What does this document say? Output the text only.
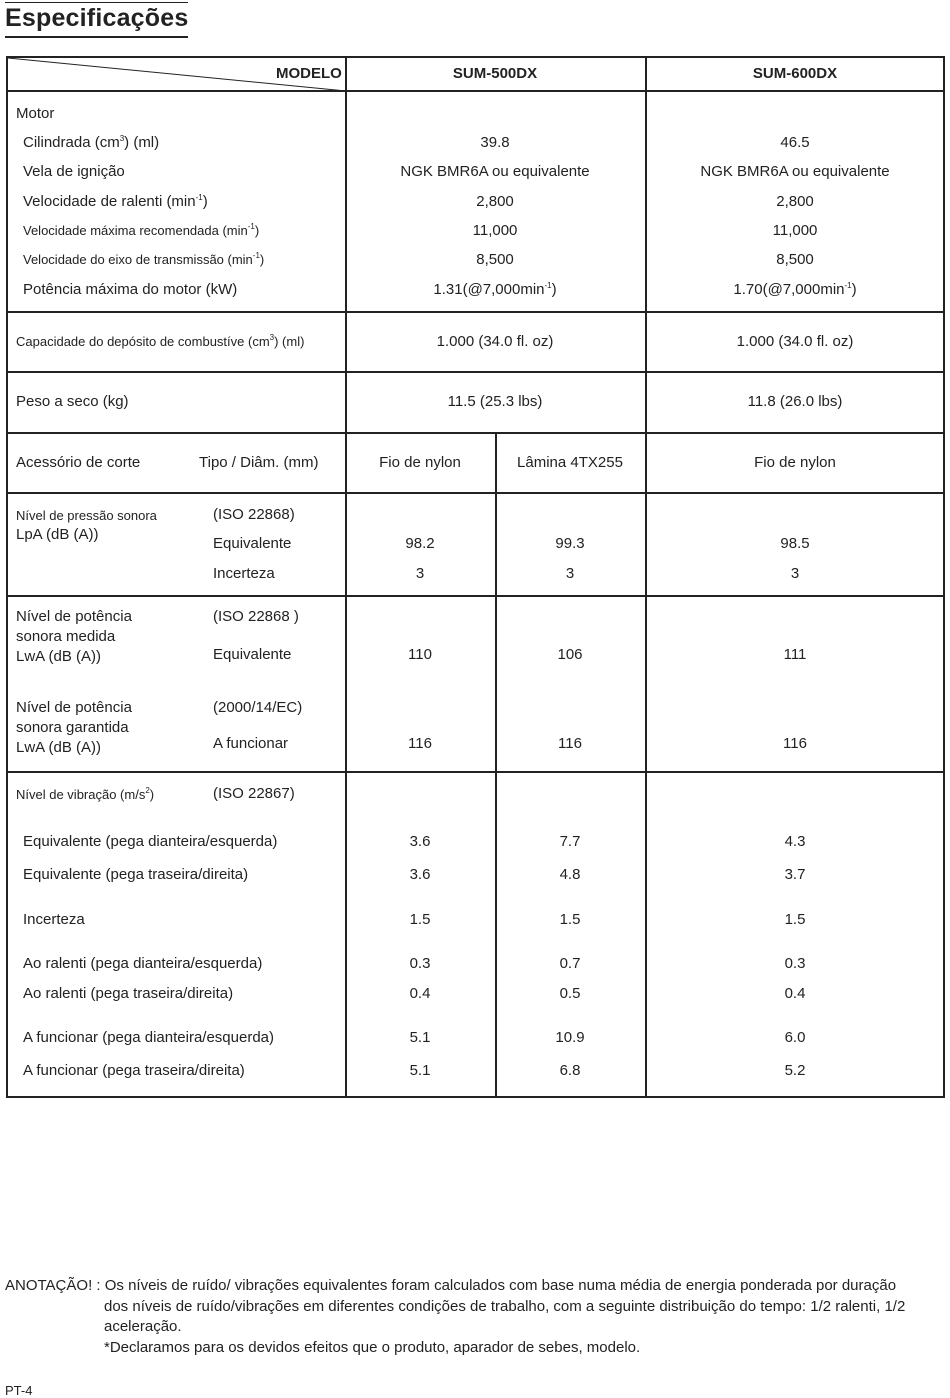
Especificações
MODELO	SUM-500DX	SUM-600DX
Motor
Cilindrada $(cm^3)$ (ml)	39.8	46.5
Vela de ignição	NGK BMR6A ou equivalente	NGK BMR6A ou equivalente
Velocidade de ralenti $(\min^{-1})$	2,800	2,800
Velocidade máxima recomendada $(\min^{-1})$	11,000	11,000
Velocidade do eixo de transmissão $(\min^{-1})$	8,500	8,500
Potência máxima do motor (kW)	$1.31(@7,000\min^{-1})$	$1.70(@7,000\min^{-1})$
Capacidade do depósito de combustíve $(cm^3)$ (ml)	1.000 (34.0 fl. oz)	1.000 (34.0 fl. oz)
Peso a seco (kg)	11.5 (25.3 lbs)	11.8 (26.0 lbs)
Acessório de corte	Tipo / Diâm. (mm)	Fio de nylon	Lâmina 4TX255	Fio de nylon
Nível de pressão sonora
LpA (dB (A))
(ISO 22868)
Equivalente	98.2	99.3	98.5
Incerteza	3	3	3
Nível de potência
sonora medida
LwA (dB (A))
(ISO 22868 )
Equivalente	110	106	111
Nível de potência
sonora garantida
LwA (dB (A))
(2000/14/EC)
A funcionar	116	116	116
Nível de vibração $(m/s^2)$	(ISO 22867)
Equivalente (pega dianteira/esquerda)	3.6	7.7	4.3
Equivalente (pega traseira/direita)	3.6	4.8	3.7
Incerteza	1.5	1.5	1.5
Ao ralenti (pega dianteira/esquerda)	0.3	0.7	0.3
Ao ralenti (pega traseira/direita)	0.4	0.5	0.4
A funcionar (pega dianteira/esquerda)	5.1	10.9	6.0
A funcionar (pega traseira/direita)	5.1	6.8	5.2
ANOTAÇÃO! : Os níveis de ruído/ vibrações equivalentes foram calculados com base numa média de energia ponderada por duração
dos níveis de ruído/vibrações em diferentes condições de trabalho, com a seguinte distribuição do tempo: 1/2 ralenti, 1/2
aceleração.
*Declaramos para os devidos efeitos que o produto, aparador de sebes, modelo.
PT-4
